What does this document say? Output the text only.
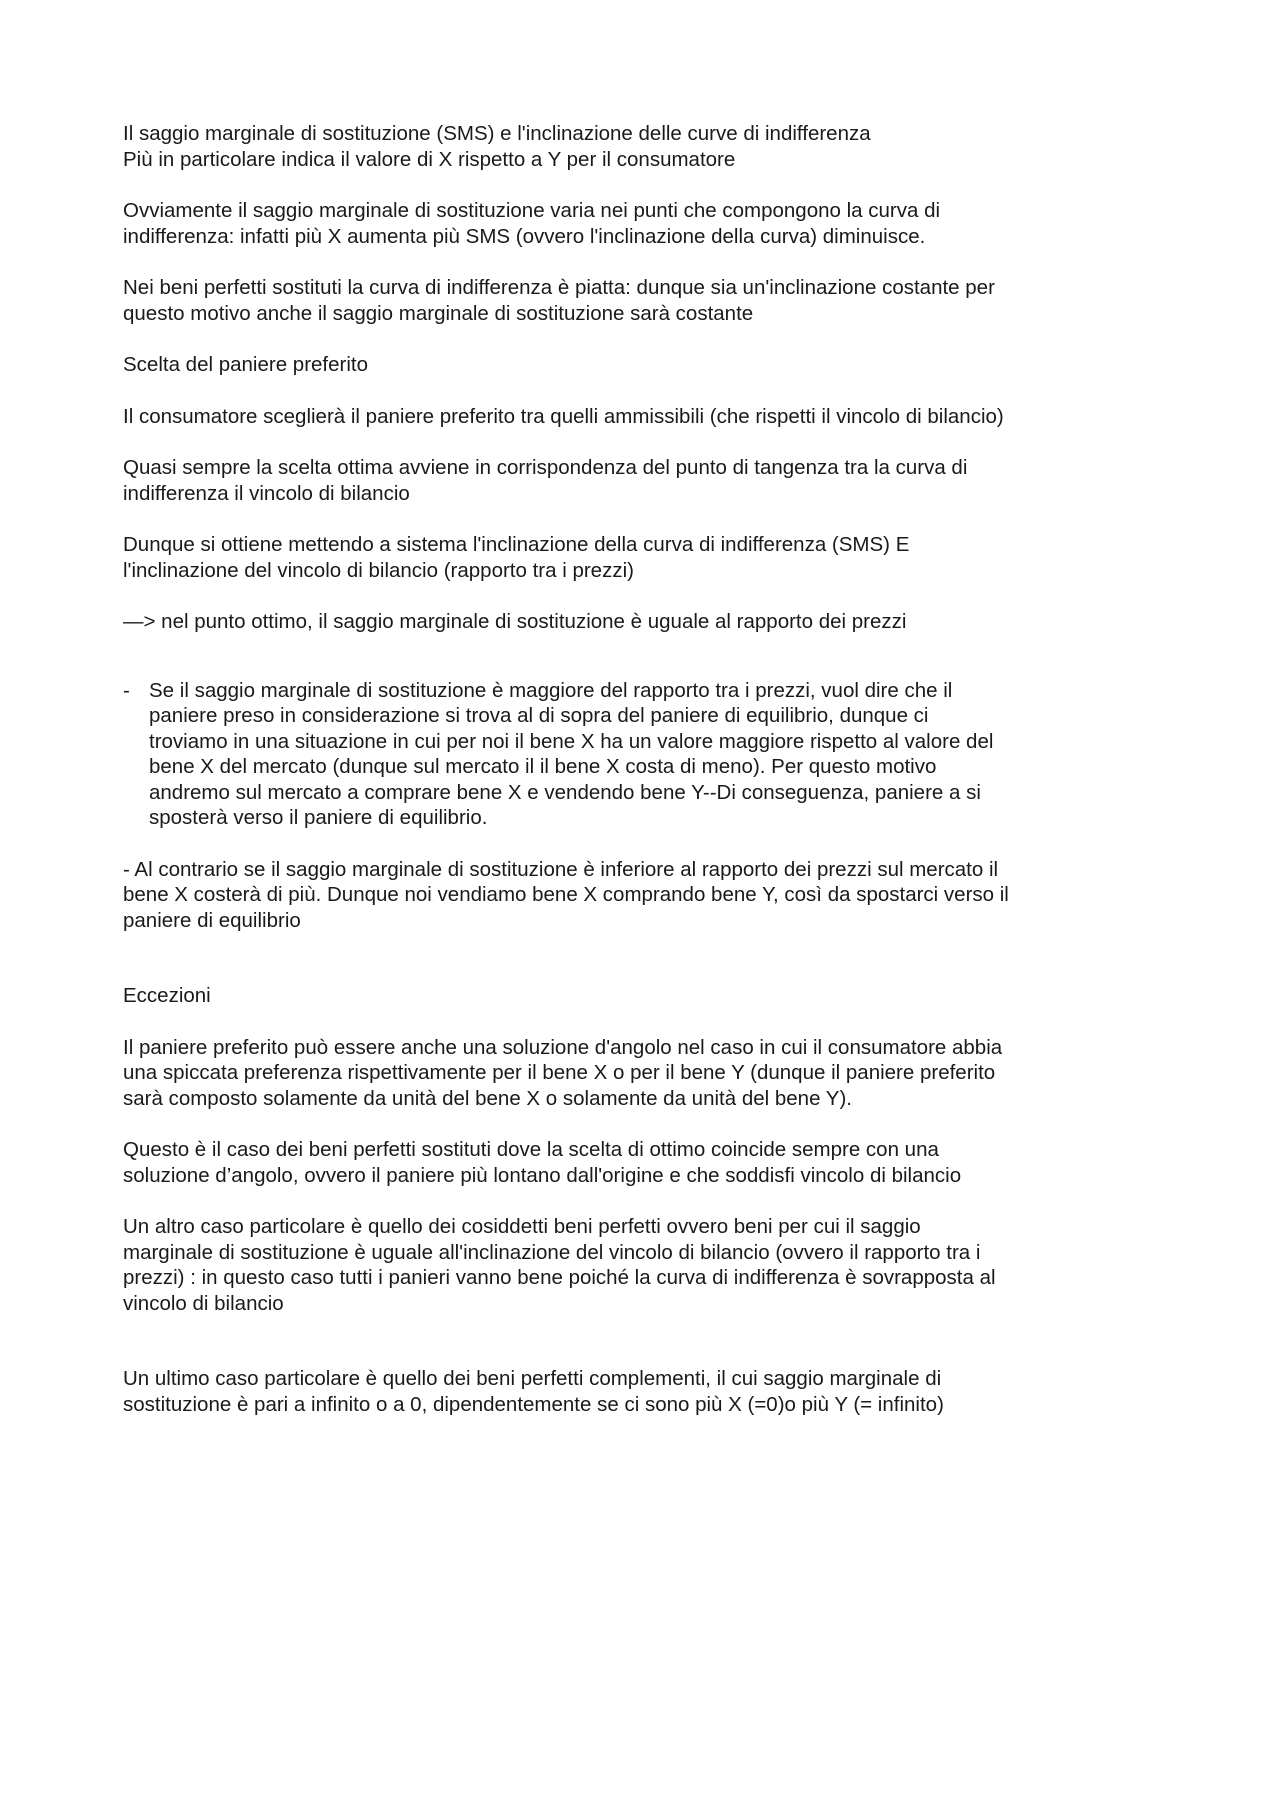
Il saggio marginale di sostituzione (SMS) e l'inclinazione delle curve di indifferenza
Più in particolare indica il valore di X rispetto a Y per il consumatore
Ovviamente il saggio marginale di sostituzione varia nei punti che compongono la curva di
indifferenza: infatti più X aumenta più SMS (ovvero l'inclinazione della curva) diminuisce.
Nei beni perfetti sostituti la curva di indifferenza è piatta: dunque sia un'inclinazione costante per
questo motivo anche il saggio marginale di sostituzione sarà costante
Scelta del paniere preferito
Il consumatore sceglierà il paniere preferito tra quelli ammissibili (che rispetti il vincolo di bilancio)
Quasi sempre la scelta ottima avviene in corrispondenza del punto di tangenza tra la curva di
indifferenza il vincolo di bilancio
Dunque si ottiene mettendo a sistema l'inclinazione della curva di indifferenza (SMS) E
l'inclinazione del vincolo di bilancio (rapporto tra i prezzi)
—> nel punto ottimo, il saggio marginale di sostituzione è uguale al rapporto dei prezzi
- Se il saggio marginale di sostituzione è maggiore del rapporto tra i prezzi, vuol dire che il
paniere preso in considerazione si trova al di sopra del paniere di equilibrio, dunque ci
troviamo in una situazione in cui per noi il bene X ha un valore maggiore rispetto al valore del
bene X del mercato (dunque sul mercato il il bene X costa di meno). Per questo motivo
andremo sul mercato a comprare bene X e vendendo bene Y--Di conseguenza, paniere a si
sposterà verso il paniere di equilibrio.
- Al contrario se il saggio marginale di sostituzione è inferiore al rapporto dei prezzi sul mercato il
bene X costerà di più. Dunque noi vendiamo bene X comprando bene Y, così da spostarci verso il
paniere di equilibrio
Eccezioni
Il paniere preferito può essere anche una soluzione d'angolo nel caso in cui il consumatore abbia
una spiccata preferenza rispettivamente per il bene X o per il bene Y (dunque il paniere preferito
sarà composto solamente da unità del bene X o solamente da unità del bene Y).
Questo è il caso dei beni perfetti sostituti dove la scelta di ottimo coincide sempre con una
soluzione d’angolo, ovvero il paniere più lontano dall'origine e che soddisfi vincolo di bilancio
Un altro caso particolare è quello dei cosiddetti beni perfetti ovvero beni per cui il saggio
marginale di sostituzione è uguale all'inclinazione del vincolo di bilancio (ovvero il rapporto tra i
prezzi) : in questo caso tutti i panieri vanno bene poiché la curva di indifferenza è sovrapposta al
vincolo di bilancio
Un ultimo caso particolare è quello dei beni perfetti complementi, il cui saggio marginale di
sostituzione è pari a infinito o a 0, dipendentemente se ci sono più X (=0)o più Y (= infinito)
